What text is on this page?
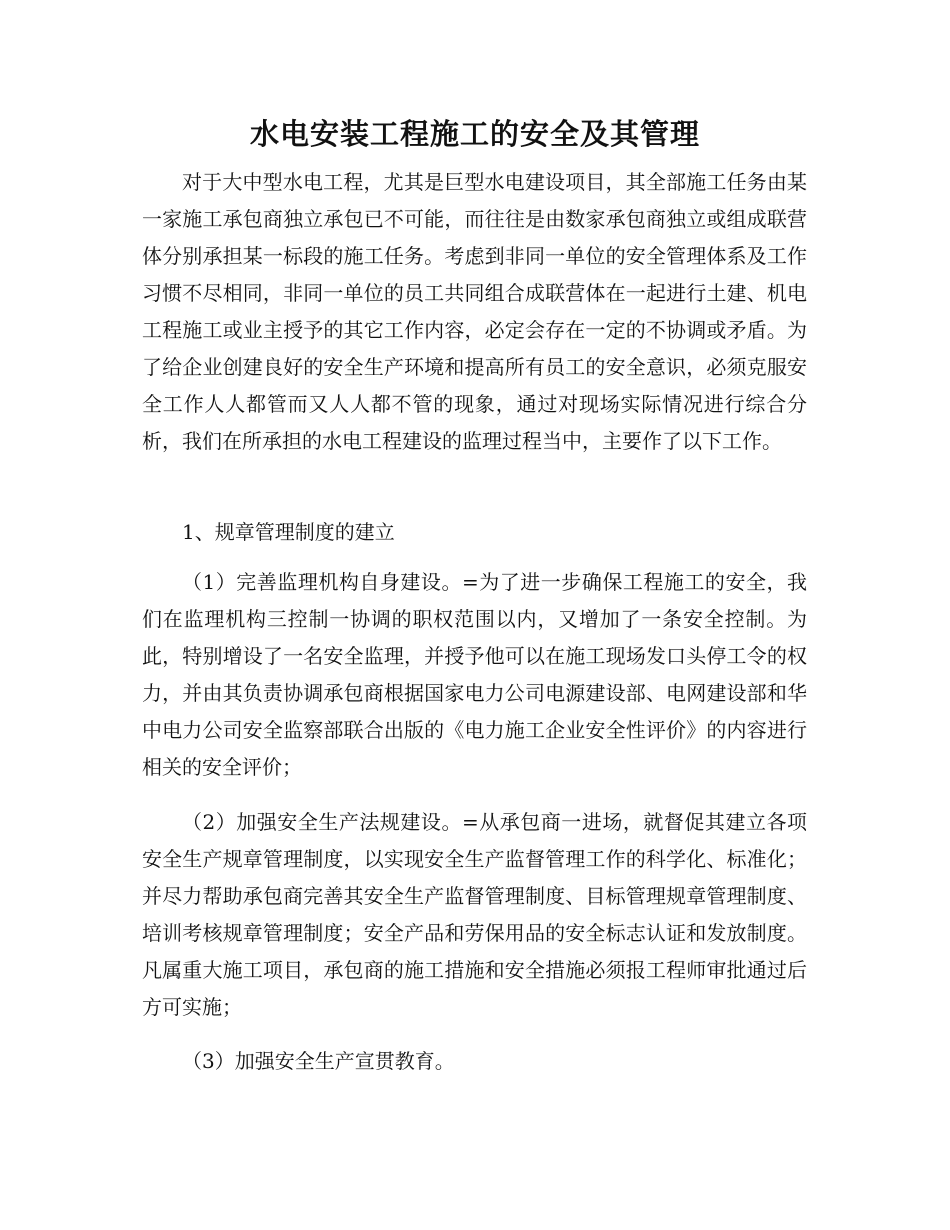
水电安装工程施工的安全及其管理

对于大中型水电工程，尤其是巨型水电建设项目，其全部施工任务由某一家施工承包商独立承包已不可能，而往往是由数家承包商独立或组成联营体分别承担某一标段的施工任务。考虑到非同一单位的安全管理体系及工作习惯不尽相同，非同一单位的员工共同组合成联营体在一起进行土建、机电工程施工或业主授予的其它工作内容，必定会存在一定的不协调或矛盾。为了给企业创建良好的安全生产环境和提高所有员工的安全意识，必须克服安全工作人人都管而又人人都不管的现象，通过对现场实际情况进行综合分析，我们在所承担的水电工程建设的监理过程当中，主要作了以下工作。

1、规章管理制度的建立

（1）完善监理机构自身建设。=为了进一步确保工程施工的安全，我们在监理机构三控制一协调的职权范围以内，又增加了一条安全控制。为此，特别增设了一名安全监理，并授予他可以在施工现场发口头停工令的权力，并由其负责协调承包商根据国家电力公司电源建设部、电网建设部和华中电力公司安全监察部联合出版的《电力施工企业安全性评价》的内容进行相关的安全评价；

（2）加强安全生产法规建设。=从承包商一进场，就督促其建立各项安全生产规章管理制度，以实现安全生产监督管理工作的科学化、标准化；并尽力帮助承包商完善其安全生产监督管理制度、目标管理规章管理制度、培训考核规章管理制度；安全产品和劳保用品的安全标志认证和发放制度。凡属重大施工项目，承包商的施工措施和安全措施必须报工程师审批通过后方可实施；

（3）加强安全生产宣贯教育。
